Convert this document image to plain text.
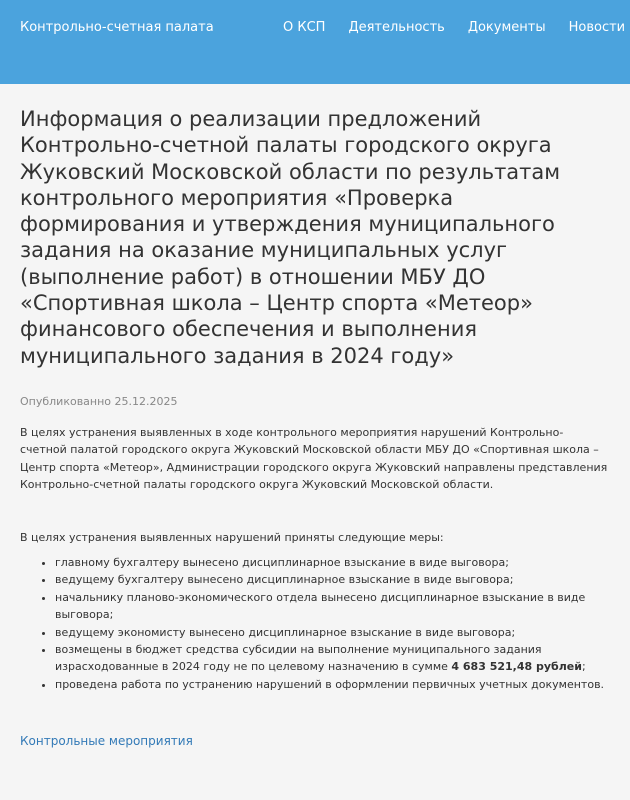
Контрольно-счетная палата	О КСП Деятельность Документы Новости
Информация о реализации предложений Контрольно-счетной палаты городского округа Жуковский Московской области по результатам контрольного мероприятия «Проверка формирования и утверждения муниципального задания на оказание муниципальных услуг (выполнение работ) в отношении МБУ ДО «Спортивная школа – Центр спорта «Метеор» финансового обеспечения и выполнения муниципального задания в 2024 году»
Опубликованно 25.12.2025

В целях устранения выявленных в ходе контрольного мероприятия нарушений Контрольно-счетной палатой городского округа Жуковский Московской области МБУ ДО «Спортивная школа – Центр спорта «Метеор», Администрации городского округа Жуковский направлены представления Контрольно-счетной палаты городского округа Жуковский Московской области.

В целях устранения выявленных нарушений приняты следующие меры:

• главному бухгалтеру вынесено дисциплинарное взыскание в виде выговора;
• ведущему бухгалтеру вынесено дисциплинарное взыскание в виде выговора;
• начальнику планово-экономического отдела вынесено дисциплинарное взыскание в виде выговора;
• ведущему экономисту вынесено дисциплинарное взыскание в виде выговора;
• возмещены в бюджет средства субсидии на выполнение муниципального задания израсходованные в 2024 году не по целевому назначению в сумме 4 683 521,48 рублей;
• проведена работа по устранению нарушений в оформлении первичных учетных документов.
Контрольные мероприятия
